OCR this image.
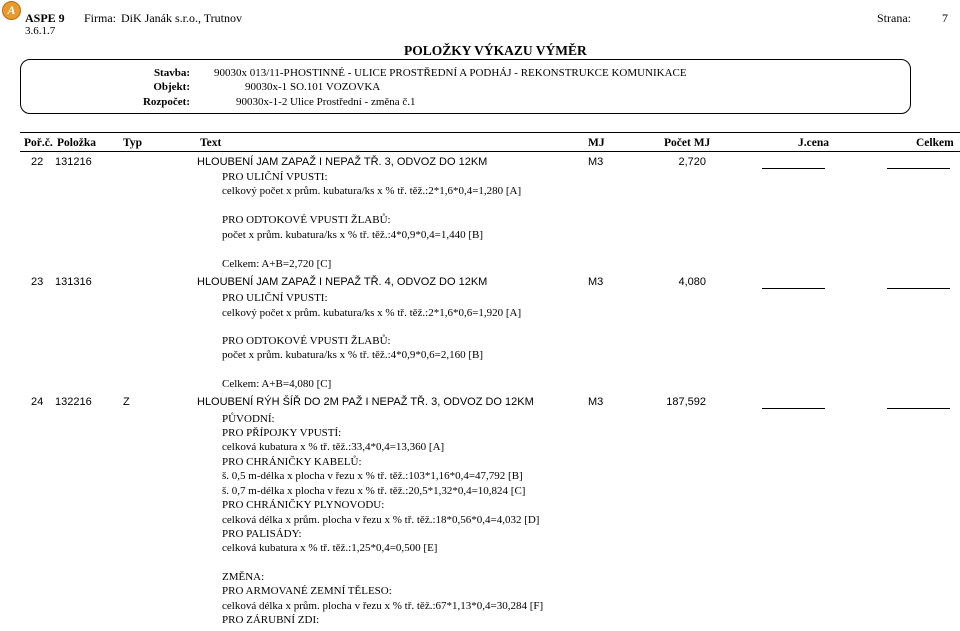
A
ASPE 9
3.6.1.7
Firma: DiK Janák s.r.o., Trutnov	Strana:	7
POLOŽKY VÝKAZU VÝMĚR
Stavba: 90030x 013/11-P HOSTINNÉ - ULICE PROSTŘEDNÍ A PODHÁJ - REKONSTRUKCE KOMUNIKACE
Objekt:	90030x-1 SO.101 VOZOVKA
Rozpočet:	90030x-1-2 Ulice Prostřední - změna č.1
Poř.č. Položka Typ	Text	MJ	Počet MJ	J.cena	Celkem
22 131216	HLOUBENÍ JAM ZAPAŽ I NEPAŽ TŘ. 3, ODVOZ DO 12KM	M3	2,720
PRO ULIČNÍ VPUSTI:
celkový počet x prům. kubatura/ks x % tř. těž.:2*1,6*0,4=1,280 [A]
PRO ODTOKOVÉ VPUSTI ŽLABŮ:
počet x prům. kubatura/ks x % tř. těž.:4*0,9*0,4=1,440 [B]
Celkem: A+B=2,720 [C]
23 131316	HLOUBENÍ JAM ZAPAŽ I NEPAŽ TŘ. 4, ODVOZ DO 12KM	M3	4,080
PRO ULIČNÍ VPUSTI:
celkový počet x prům. kubatura/ks x % tř. těž.:2*1,6*0,6=1,920 [A]
PRO ODTOKOVÉ VPUSTI ŽLABŮ:
počet x prům. kubatura/ks x % tř. těž.:4*0,9*0,6=2,160 [B]
Celkem: A+B=4,080 [C]
24 132216	Z	HLOUBENÍ RÝH ŠÍŘ DO 2M PAŽ I NEPAŽ TŘ. 3, ODVOZ DO 12KM	M3	187,592
PŮVODNÍ:
PRO PŘÍPOJKY VPUSTÍ:
celková kubatura x % tř. těž.:33,4*0,4=13,360 [A]
PRO CHRÁNIČKY KABELŮ:
š. 0,5 m-délka x plocha v řezu x % tř. těž.:103*1,16*0,4=47,792 [B]
š. 0,7 m-délka x plocha v řezu x % tř. těž.:20,5*1,32*0,4=10,824 [C]
PRO CHRÁNIČKY PLYNOVODU:
celková délka x prům. plocha v řezu x % tř. těž.:18*0,56*0,4=4,032 [D]
PRO PALISÁDY:
celková kubatura x % tř. těž.:1,25*0,4=0,500 [E]
ZMĚNA:
PRO ARMOVANÉ ZEMNÍ TĚLESO:
celková délka x prům. plocha v řezu x % tř. těž.:67*1,13*0,4=30,284 [F]
PRO ZÁRUBNÍ ZDI:
